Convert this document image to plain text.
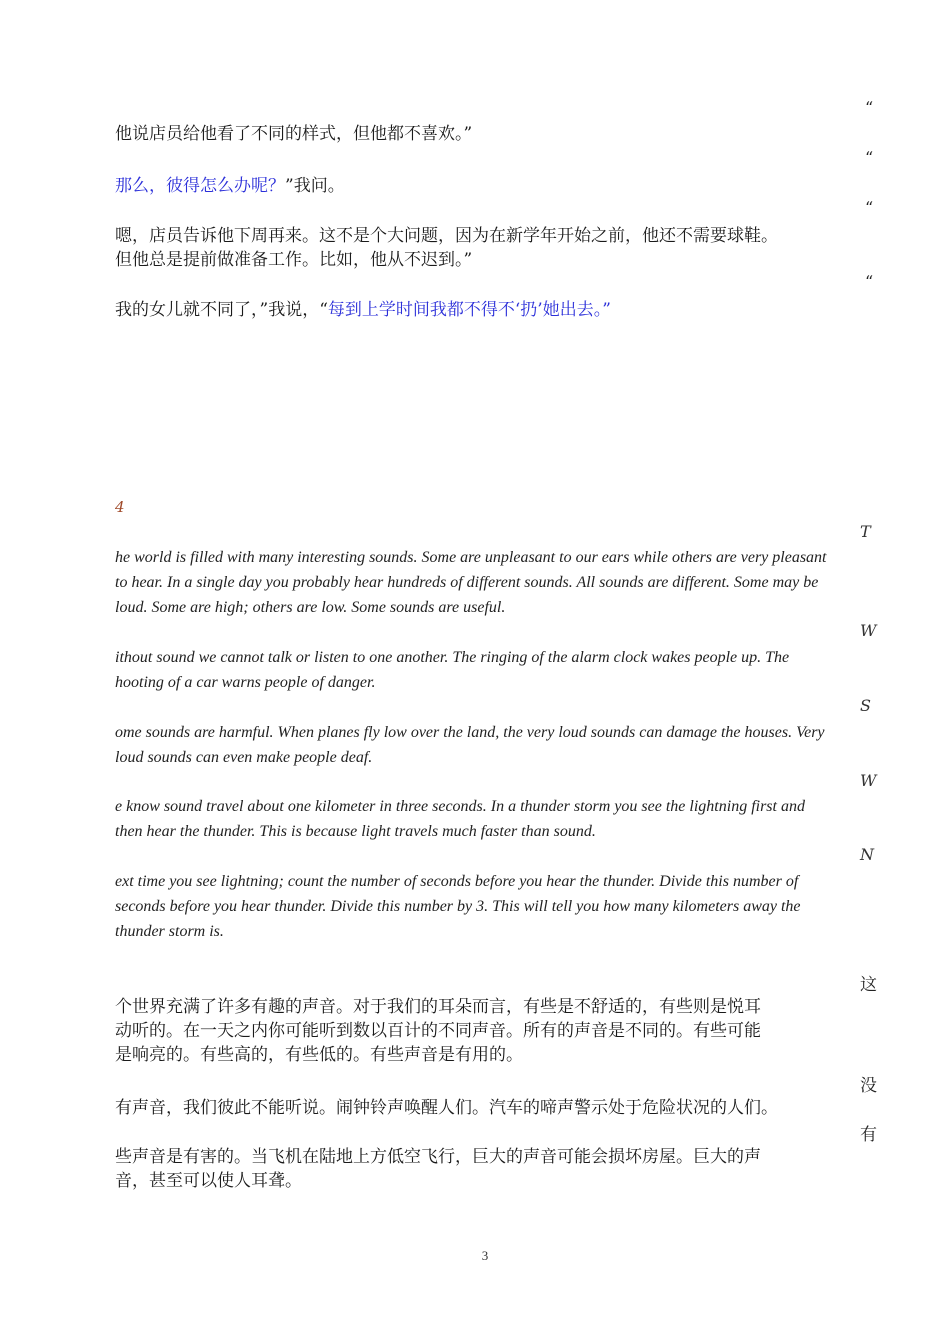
“
他说店员给他看了不同的样式，但他都不喜欢。”
“
那么，彼得怎么办呢？”我问。
“
嗯，店员告诉他下周再来。这不是个大问题，因为在新学年开始之前，他还不需要球鞋。
但他总是提前做准备工作。比如，他从不迟到。”
“
我的女儿就不同了，”我说，“每到上学时间我都不得不‘扔’她出去。”
4
T
he world is filled with many interesting sounds. Some are unpleasant to our ears while others are very pleasant
to hear. In a single day you probably hear hundreds of different sounds. All sounds are different. Some may be
loud. Some are high; others are low. Some sounds are useful.
W
ithout sound we cannot talk or listen to one another. The ringing of the alarm clock wakes people up. The
hooting of a car warns people of danger.
S
ome sounds are harmful. When planes fly low over the land, the very loud sounds can damage the houses. Very
loud sounds can even make people deaf.
W
e know sound travel about one kilometer in three seconds. In a thunder storm you see the lightning first and
then hear the thunder. This is because light travels much faster than sound.
N
ext time you see lightning; count the number of seconds before you hear the thunder. Divide this number of
seconds before you hear thunder. Divide this number by 3. This will tell you how many kilometers away the
thunder storm is.
这
个世界充满了许多有趣的声音。对于我们的耳朵而言，有些是不舒适的，有些则是悦耳
动听的。在一天之内你可能听到数以百计的不同声音。所有的声音是不同的。有些可能
是响亮的。有些高的，有些低的。有些声音是有用的。
没
有声音，我们彼此不能听说。闹钟铃声唤醒人们。汽车的啼声警示处于危险状况的人们。
有
些声音是有害的。当飞机在陆地上方低空飞行，巨大的声音可能会损坏房屋。巨大的声
音，甚至可以使人耳聋。
3
